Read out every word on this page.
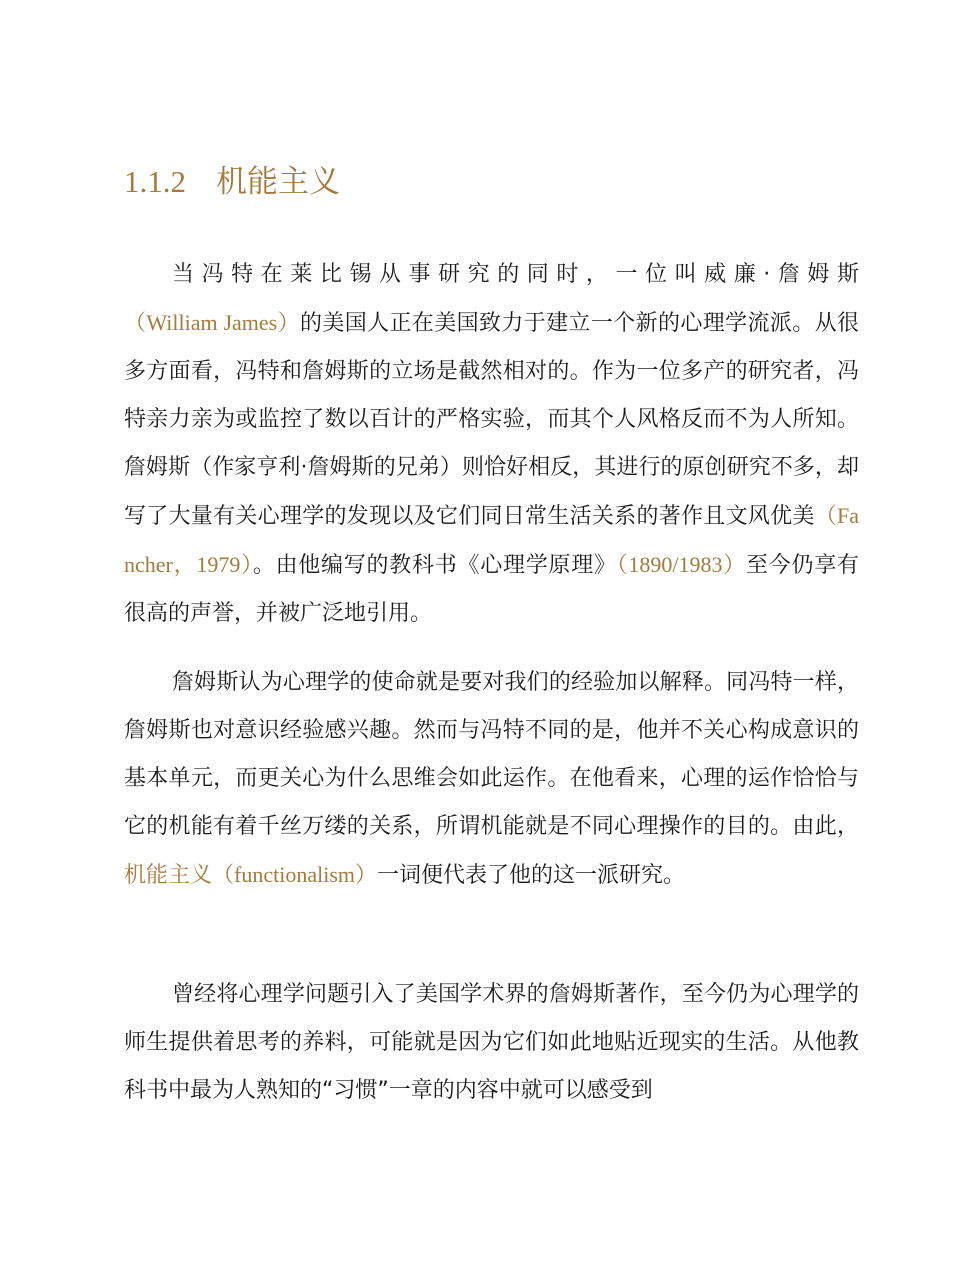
1.1.2 机能主义

当冯特在莱比锡从事研究的同时，一位叫威廉·詹姆斯（William James）的美国人正在美国致力于建立一个新的心理学流派。从很多方面看，冯特和詹姆斯的立场是截然相对的。作为一位多产的研究者，冯特亲力亲为或监控了数以百计的严格实验，而其个人风格反而不为人所知。詹姆斯（作家亨利·詹姆斯的兄弟）则恰好相反，其进行的原创研究不多，却写了大量有关心理学的发现以及它们同日常生活关系的著作且文风优美（Fancher，1979）。由他编写的教科书《心理学原理》（1890/1983）至今仍享有很高的声誉，并被广泛地引用。

詹姆斯认为心理学的使命就是要对我们的经验加以解释。同冯特一样，詹姆斯也对意识经验感兴趣。然而与冯特不同的是，他并不关心构成意识的基本单元，而更关心为什么思维会如此运作。在他看来，心理的运作恰恰与它的机能有着千丝万缕的关系，所谓机能就是不同心理操作的目的。由此，机能主义（functionalism）一词便代表了他的这一派研究。

曾经将心理学问题引入了美国学术界的詹姆斯著作，至今仍为心理学的师生提供着思考的养料，可能就是因为它们如此地贴近现实的生活。从他教科书中最为人熟知的“习惯”一章的内容中就可以感受到
